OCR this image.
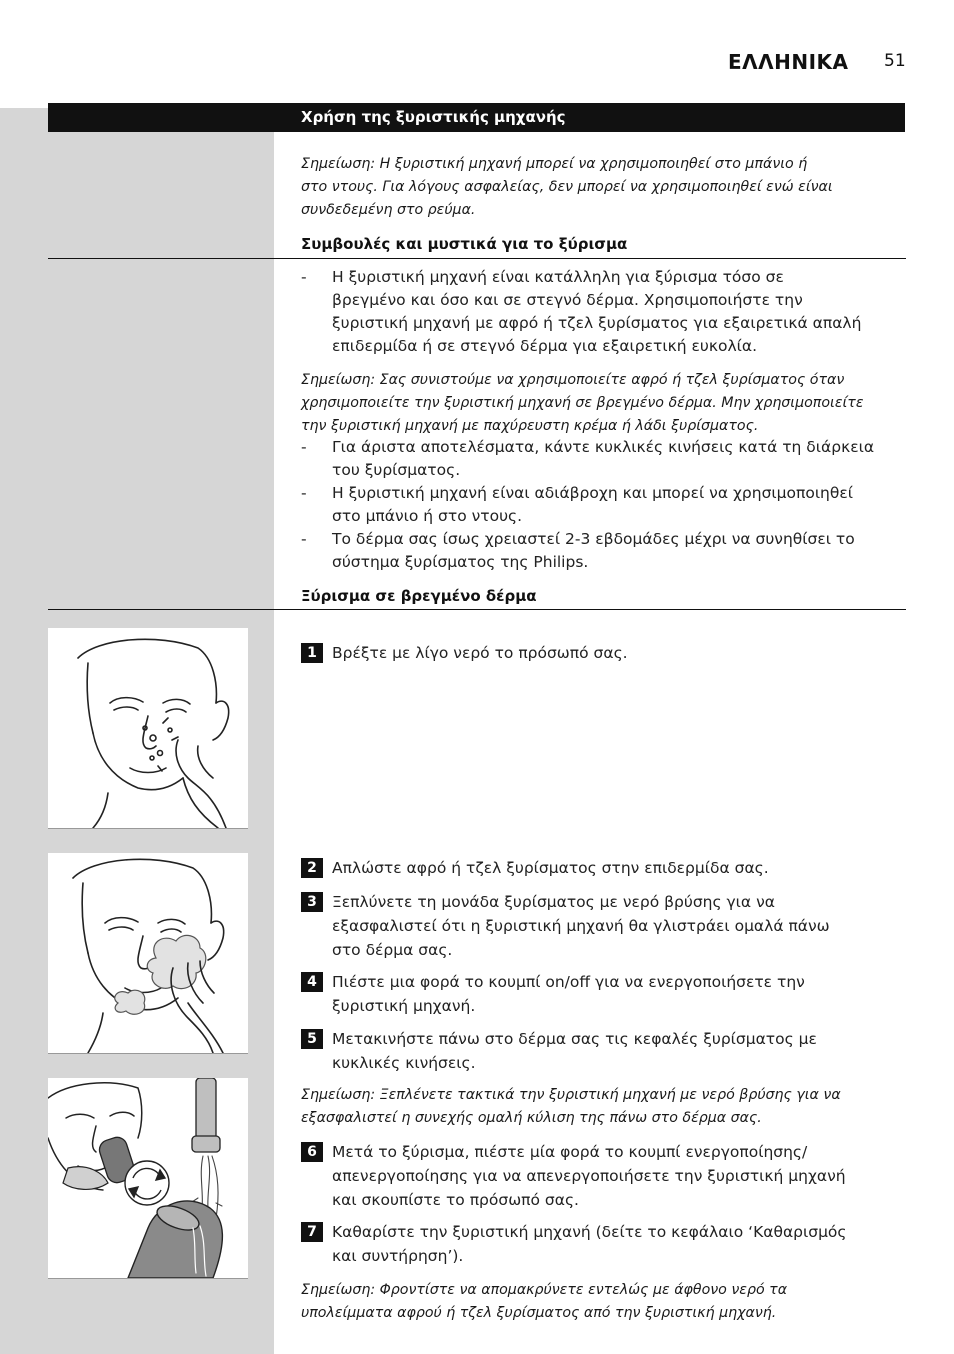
ΕΛΛΗΝΙΚΑ 51
Χρήση της ξυριστικής μηχανής
Σημείωση: Η ξυριστική μηχανή μπορεί να χρησιμοποιηθεί στο μπάνιο ή
στο ντους. Για λόγους ασφαλείας, δεν μπορεί να χρησιμοποιηθεί ενώ είναι
συνδεδεμένη στο ρεύμα.
Συμβουλές και μυστικά για το ξύρισμα
- Η ξυριστική μηχανή είναι κατάλληλη για ξύρισμα τόσο σε
βρεγμένο και όσο και σε στεγνό δέρμα. Χρησιμοποιήστε την
ξυριστική μηχανή με αφρό ή τζελ ξυρίσματος για εξαιρετικά απαλή
επιδερμίδα ή σε στεγνό δέρμα για εξαιρετική ευκολία.
Σημείωση: Σας συνιστούμε να χρησιμοποιείτε αφρό ή τζελ ξυρίσματος όταν
χρησιμοποιείτε την ξυριστική μηχανή σε βρεγμένο δέρμα. Μην χρησιμοποιείτε
την ξυριστική μηχανή με παχύρευστη κρέμα ή λάδι ξυρίσματος.
- Για άριστα αποτελέσματα, κάντε κυκλικές κινήσεις κατά τη διάρκεια
του ξυρίσματος.
- Η ξυριστική μηχανή είναι αδιάβροχη και μπορεί να χρησιμοποιηθεί
στο μπάνιο ή στο ντους.
- Το δέρμα σας ίσως χρειαστεί 2-3 εβδομάδες μέχρι να συνηθίσει το
σύστημα ξυρίσματος της Philips.
Ξύρισμα σε βρεγμένο δέρμα
1 Βρέξτε με λίγο νερό το πρόσωπό σας.
2 Απλώστε αφρό ή τζελ ξυρίσματος στην επιδερμίδα σας.
3 Ξεπλύνετε τη μονάδα ξυρίσματος με νερό βρύσης για να
εξασφαλιστεί ότι η ξυριστική μηχανή θα γλιστράει ομαλά πάνω
στο δέρμα σας.
4 Πιέστε μια φορά το κουμπί on/off για να ενεργοποιήσετε την
ξυριστική μηχανή.
5 Μετακινήστε πάνω στο δέρμα σας τις κεφαλές ξυρίσματος με
κυκλικές κινήσεις.
Σημείωση: Ξεπλένετε τακτικά την ξυριστική μηχανή με νερό βρύσης για να
εξασφαλιστεί η συνεχής ομαλή κύλιση της πάνω στο δέρμα σας.
6 Μετά το ξύρισμα, πιέστε μία φορά το κουμπί ενεργοποίησης/
απενεργοποίησης για να απενεργοποιήσετε την ξυριστική μηχανή
και σκουπίστε το πρόσωπό σας.
7 Καθαρίστε την ξυριστική μηχανή (δείτε το κεφάλαιο ‘Καθαρισμός
και συντήρηση’).
Σημείωση: Φροντίστε να απομακρύνετε εντελώς με άφθονο νερό τα
υπολείμματα αφρού ή τζελ ξυρίσματος από την ξυριστική μηχανή.
